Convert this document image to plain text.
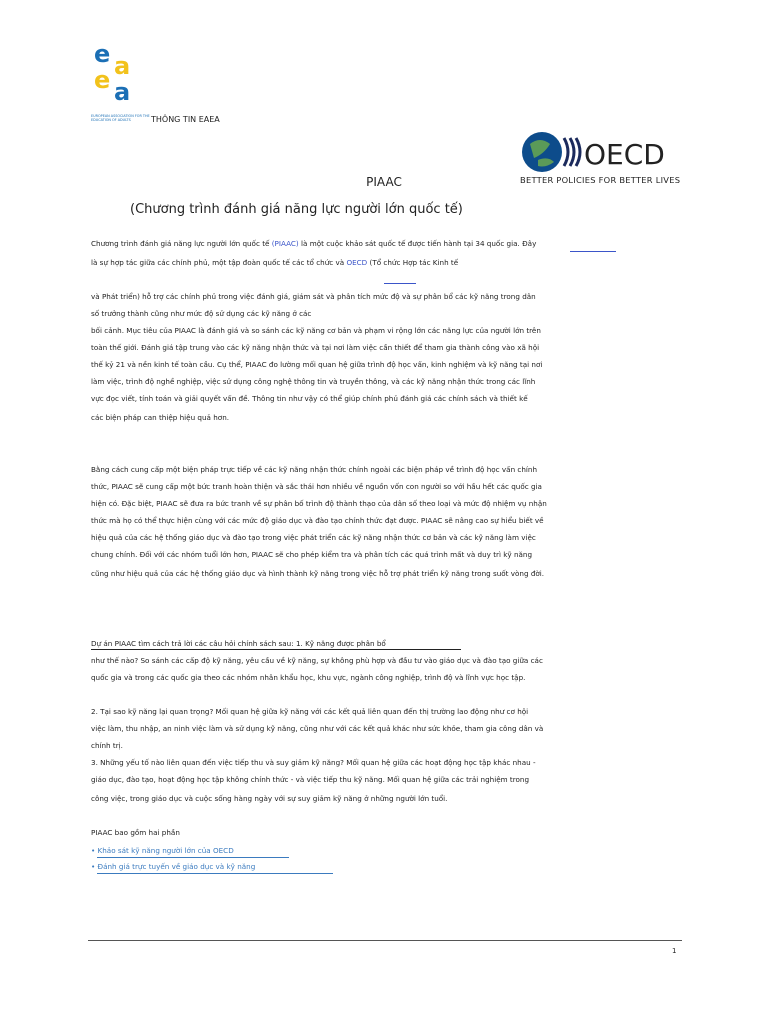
e a
e a
EUROPEAN ASSOCIATION FOR THE EDUCATION OF ADULTS	THÔNG TIN EAEA
OECD
BETTER POLICIES FOR BETTER LIVES
PIAAC
(Chương trình đánh giá năng lực người lớn quốc tế)
Chương trình đánh giá năng lực người lớn quốc tế (PIAAC) là một cuộc khảo sát quốc tế được tiến hành tại 34 quốc gia. Đây
là sự hợp tác giữa các chính phủ, một tập đoàn quốc tế các tổ chức và OECD (Tổ chức Hợp tác Kinh tế
và Phát triển) hỗ trợ các chính phủ trong việc đánh giá, giám sát và phân tích mức độ và sự phân bổ các kỹ năng trong dân
số trưởng thành cũng như mức độ sử dụng các kỹ năng ở các
bối cảnh. Mục tiêu của PIAAC là đánh giá và so sánh các kỹ năng cơ bản và phạm vi rộng lớn các năng lực của người lớn trên
toàn thế giới. Đánh giá tập trung vào các kỹ năng nhận thức và tại nơi làm việc cần thiết để tham gia thành công vào xã hội
thế kỷ 21 và nền kinh tế toàn cầu. Cụ thể, PIAAC đo lường mối quan hệ giữa trình độ học vấn, kinh nghiệm và kỹ năng tại nơi
làm việc, trình độ nghề nghiệp, việc sử dụng công nghệ thông tin và truyền thông, và các kỹ năng nhận thức trong các lĩnh
vực đọc viết, tính toán và giải quyết vấn đề. Thông tin như vậy có thể giúp chính phủ đánh giá các chính sách và thiết kế
các biện pháp can thiệp hiệu quả hơn.
Bằng cách cung cấp một biện pháp trực tiếp về các kỹ năng nhận thức chính ngoài các biện pháp về trình độ học vấn chính
thức, PIAAC sẽ cung cấp một bức tranh hoàn thiện và sắc thái hơn nhiều về nguồn vốn con người so với hầu hết các quốc gia
hiện có. Đặc biệt, PIAAC sẽ đưa ra bức tranh về sự phân bố trình độ thành thạo của dân số theo loại và mức độ nhiệm vụ nhận
thức mà họ có thể thực hiện cùng với các mức độ giáo dục và đào tạo chính thức đạt được. PIAAC sẽ nâng cao sự hiểu biết về
hiệu quả của các hệ thống giáo dục và đào tạo trong việc phát triển các kỹ năng nhận thức cơ bản và các kỹ năng làm việc
chung chính. Đối với các nhóm tuổi lớn hơn, PIAAC sẽ cho phép kiểm tra và phân tích các quá trình mất và duy trì kỹ năng
cũng như hiệu quả của các hệ thống giáo dục và hình thành kỹ năng trong việc hỗ trợ phát triển kỹ năng trong suốt vòng đời.
Dự án PIAAC tìm cách trả lời các câu hỏi chính sách sau: 1. Kỹ năng được phân bổ
như thế nào? So sánh các cấp độ kỹ năng, yêu cầu về kỹ năng, sự không phù hợp và đầu tư vào giáo dục và đào tạo giữa các
quốc gia và trong các quốc gia theo các nhóm nhân khẩu học, khu vực, ngành công nghiệp, trình độ và lĩnh vực học tập.
2. Tại sao kỹ năng lại quan trọng? Mối quan hệ giữa kỹ năng với các kết quả liên quan đến thị trường lao động như cơ hội
việc làm, thu nhập, an ninh việc làm và sử dụng kỹ năng, cũng như với các kết quả khác như sức khỏe, tham gia công dân và
chính trị.
3. Những yếu tố nào liên quan đến việc tiếp thu và suy giảm kỹ năng? Mối quan hệ giữa các hoạt động học tập khác nhau -
giáo dục, đào tạo, hoạt động học tập không chính thức - và việc tiếp thu kỹ năng. Mối quan hệ giữa các trải nghiệm trong
công việc, trong giáo dục và cuộc sống hàng ngày với sự suy giảm kỹ năng ở những người lớn tuổi.
PIAAC bao gồm hai phần
• Khảo sát kỹ năng người lớn của OECD
• Đánh giá trực tuyến về giáo dục và kỹ năng
1
